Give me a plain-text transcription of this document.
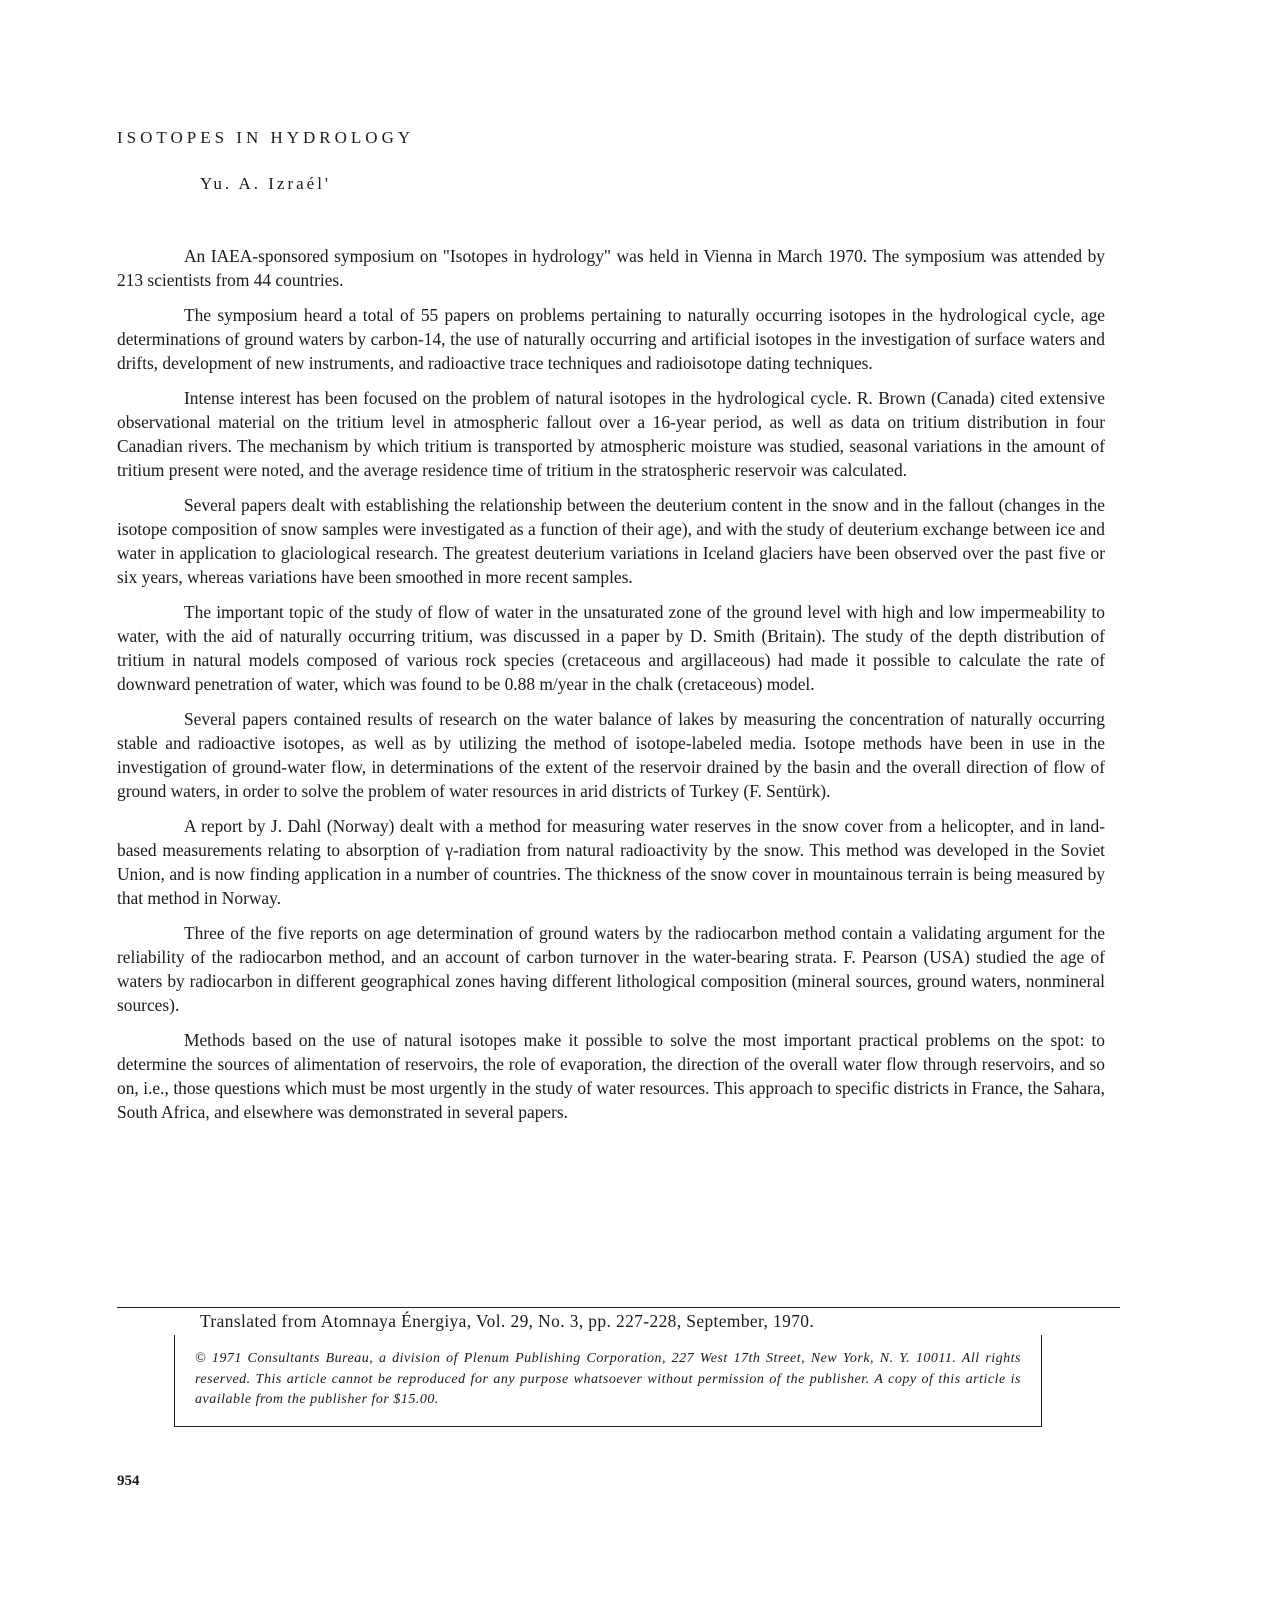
ISOTOPES IN HYDROLOGY

Yu. A. Izraél'

An IAEA-sponsored symposium on "Isotopes in hydrology" was held in Vienna in March 1970. The symposium was attended by 213 scientists from 44 countries.

The symposium heard a total of 55 papers on problems pertaining to naturally occurring isotopes in the hydrological cycle, age determinations of ground waters by carbon-14, the use of naturally occurring and artificial isotopes in the investigation of surface waters and drifts, development of new instruments, and radioactive trace techniques and radioisotope dating techniques.

Intense interest has been focused on the problem of natural isotopes in the hydrological cycle. R. Brown (Canada) cited extensive observational material on the tritium level in atmospheric fallout over a 16-year period, as well as data on tritium distribution in four Canadian rivers. The mechanism by which tritium is transported by atmospheric moisture was studied, seasonal variations in the amount of tritium present were noted, and the average residence time of tritium in the stratospheric reservoir was calculated.

Several papers dealt with establishing the relationship between the deuterium content in the snow and in the fallout (changes in the isotope composition of snow samples were investigated as a function of their age), and with the study of deuterium exchange between ice and water in application to glaciological research. The greatest deuterium variations in Iceland glaciers have been observed over the past five or six years, whereas variations have been smoothed in more recent samples.

The important topic of the study of flow of water in the unsaturated zone of the ground level with high and low impermeability to water, with the aid of naturally occurring tritium, was discussed in a paper by D. Smith (Britain). The study of the depth distribution of tritium in natural models composed of various rock species (cretaceous and argillaceous) had made it possible to calculate the rate of downward penetration of water, which was found to be 0.88 m/year in the chalk (cretaceous) model.

Several papers contained results of research on the water balance of lakes by measuring the concentration of naturally occurring stable and radioactive isotopes, as well as by utilizing the method of isotope-labeled media. Isotope methods have been in use in the investigation of ground-water flow, in determinations of the extent of the reservoir drained by the basin and the overall direction of flow of ground waters, in order to solve the problem of water resources in arid districts of Turkey (F. Sentürk).

A report by J. Dahl (Norway) dealt with a method for measuring water reserves in the snow cover from a helicopter, and in land-based measurements relating to absorption of γ-radiation from natural radioactivity by the snow. This method was developed in the Soviet Union, and is now finding application in a number of countries. The thickness of the snow cover in mountainous terrain is being measured by that method in Norway.

Three of the five reports on age determination of ground waters by the radiocarbon method contain a validating argument for the reliability of the radiocarbon method, and an account of carbon turnover in the water-bearing strata. F. Pearson (USA) studied the age of waters by radiocarbon in different geographical zones having different lithological composition (mineral sources, ground waters, nonmineral sources).

Methods based on the use of natural isotopes make it possible to solve the most important practical problems on the spot: to determine the sources of alimentation of reservoirs, the role of evaporation, the direction of the overall water flow through reservoirs, and so on, i.e., those questions which must be most urgently in the study of water resources. This approach to specific districts in France, the Sahara, South Africa, and elsewhere was demonstrated in several papers.

Translated from Atomnaya Énergiya, Vol. 29, No. 3, pp. 227-228, September, 1970.

© 1971 Consultants Bureau, a division of Plenum Publishing Corporation, 227 West 17th Street, New York, N. Y. 10011. All rights reserved. This article cannot be reproduced for any purpose whatsoever without permission of the publisher. A copy of this article is available from the publisher for $15.00.

954
